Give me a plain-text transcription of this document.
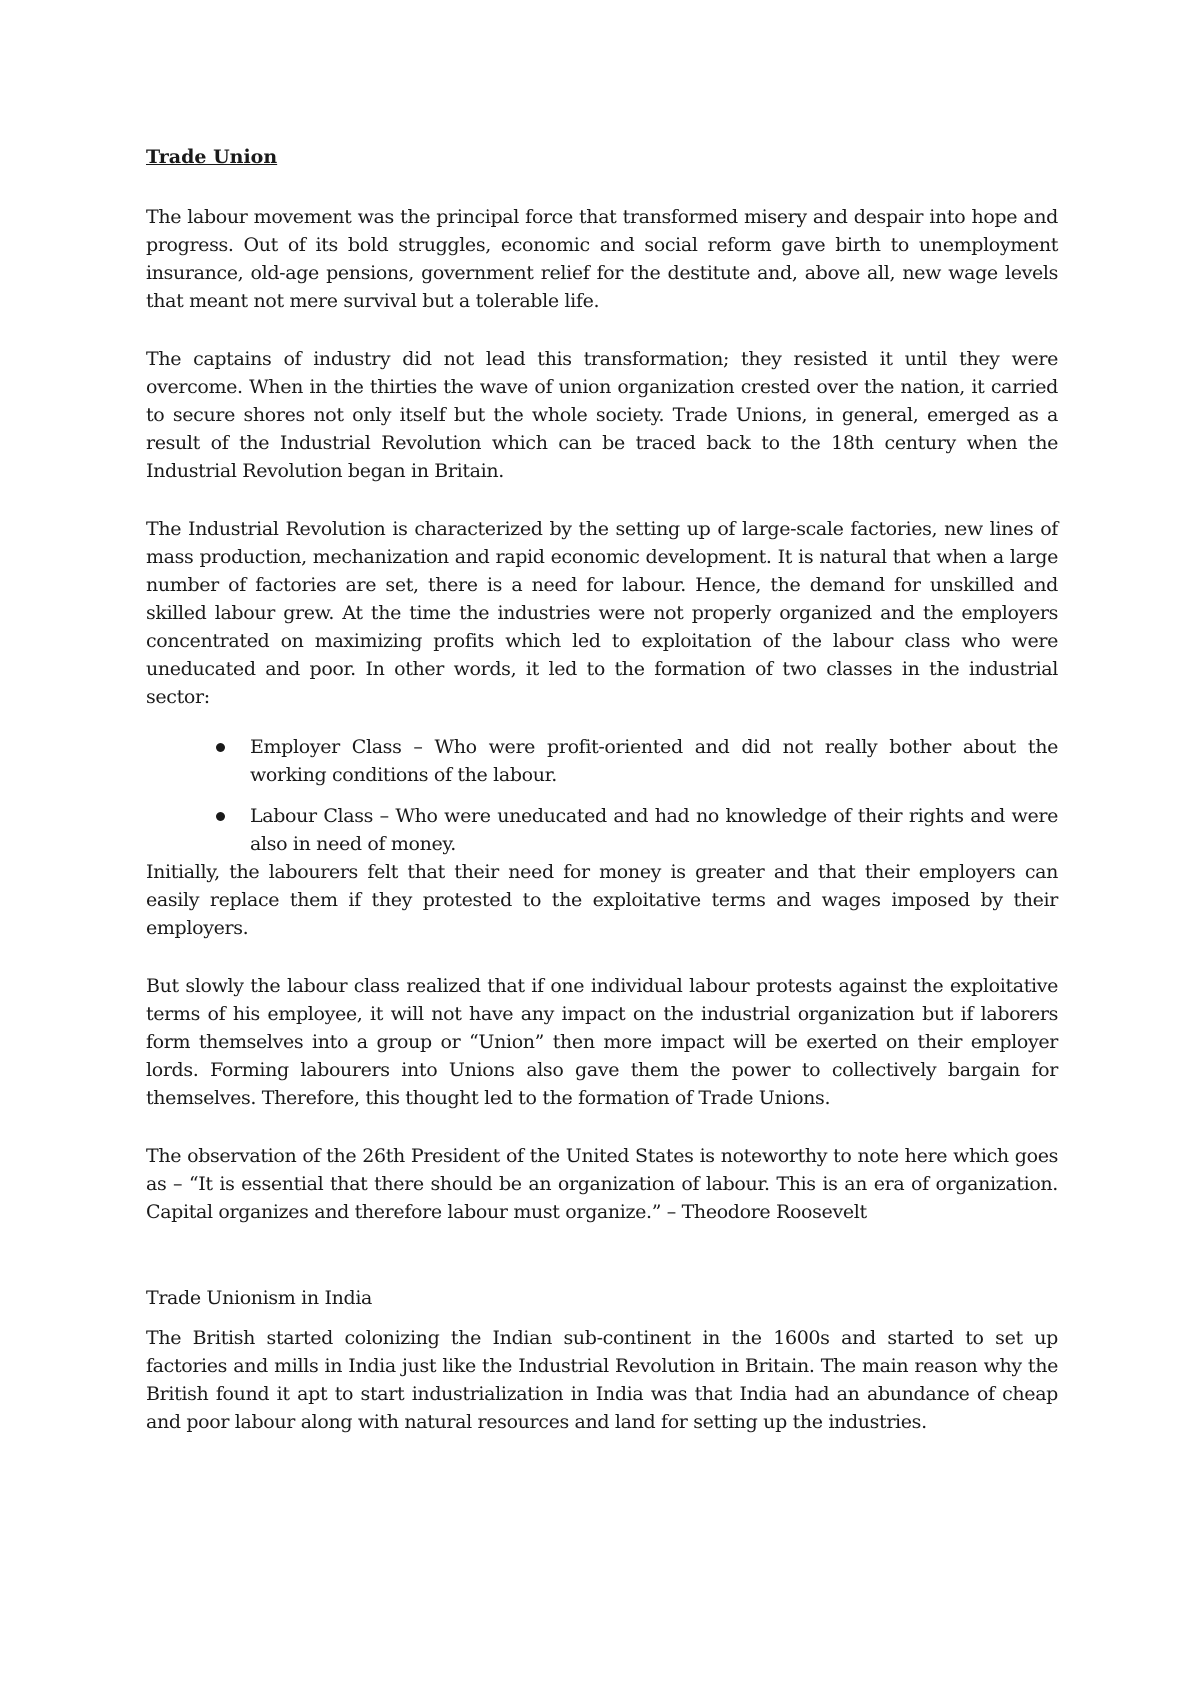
Trade Union

The labour movement was the principal force that transformed misery and despair into hope and progress. Out of its bold struggles, economic and social reform gave birth to unemployment insurance, old-age pensions, government relief for the destitute and, above all, new wage levels that meant not mere survival but a tolerable life.

The captains of industry did not lead this transformation; they resisted it until they were overcome. When in the thirties the wave of union organization crested over the nation, it carried to secure shores not only itself but the whole society. Trade Unions, in general, emerged as a result of the Industrial Revolution which can be traced back to the 18th century when the Industrial Revolution began in Britain.

The Industrial Revolution is characterized by the setting up of large-scale factories, new lines of mass production, mechanization and rapid economic development. It is natural that when a large number of factories are set, there is a need for labour. Hence, the demand for unskilled and skilled labour grew. At the time the industries were not properly organized and the employers concentrated on maximizing profits which led to exploitation of the labour class who were uneducated and poor. In other words, it led to the formation of two classes in the industrial sector:

Employer Class – Who were profit-oriented and did not really bother about the working conditions of the labour.
Labour Class – Who were uneducated and had no knowledge of their rights and were also in need of money.

Initially, the labourers felt that their need for money is greater and that their employers can easily replace them if they protested to the exploitative terms and wages imposed by their employers.

But slowly the labour class realized that if one individual labour protests against the exploitative terms of his employee, it will not have any impact on the industrial organization but if laborers form themselves into a group or “Union” then more impact will be exerted on their employer lords. Forming labourers into Unions also gave them the power to collectively bargain for themselves. Therefore, this thought led to the formation of Trade Unions.

The observation of the 26th President of the United States is noteworthy to note here which goes as – “It is essential that there should be an organization of labour. This is an era of organization. Capital organizes and therefore labour must organize.” – Theodore Roosevelt

Trade Unionism in India

The British started colonizing the Indian sub-continent in the 1600s and started to set up factories and mills in India just like the Industrial Revolution in Britain. The main reason why the British found it apt to start industrialization in India was that India had an abundance of cheap and poor labour along with natural resources and land for setting up the industries.
